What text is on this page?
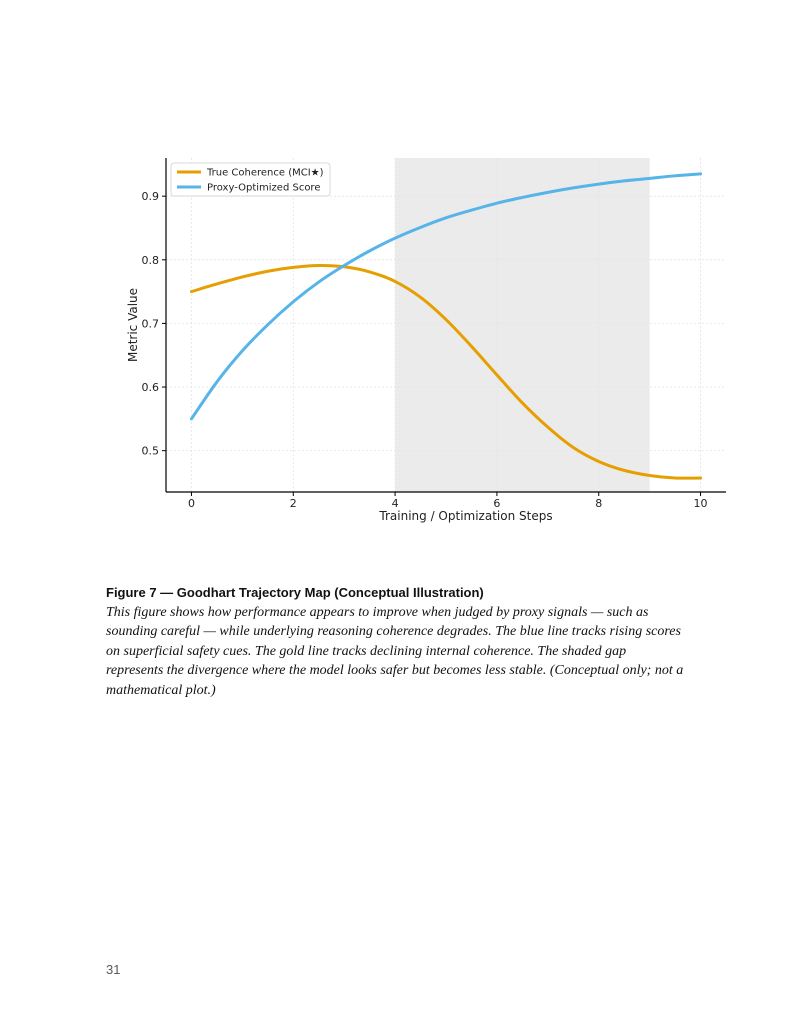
0	2	4	6	8	10
0.5
0.6
0.7
0.8
0.9
Training / Optimization Steps
Metric Value
True Coherence (MCI★)
Proxy-Optimized Score

Figure 7 — Goodhart Trajectory Map (Conceptual Illustration)

This figure shows how performance appears to improve when judged by proxy signals — such as sounding careful — while underlying reasoning coherence degrades. The blue line tracks rising scores on superficial safety cues. The gold line tracks declining internal coherence. The shaded gap represents the divergence where the model looks safer but becomes less stable. (Conceptual only; not a mathematical plot.)

31
